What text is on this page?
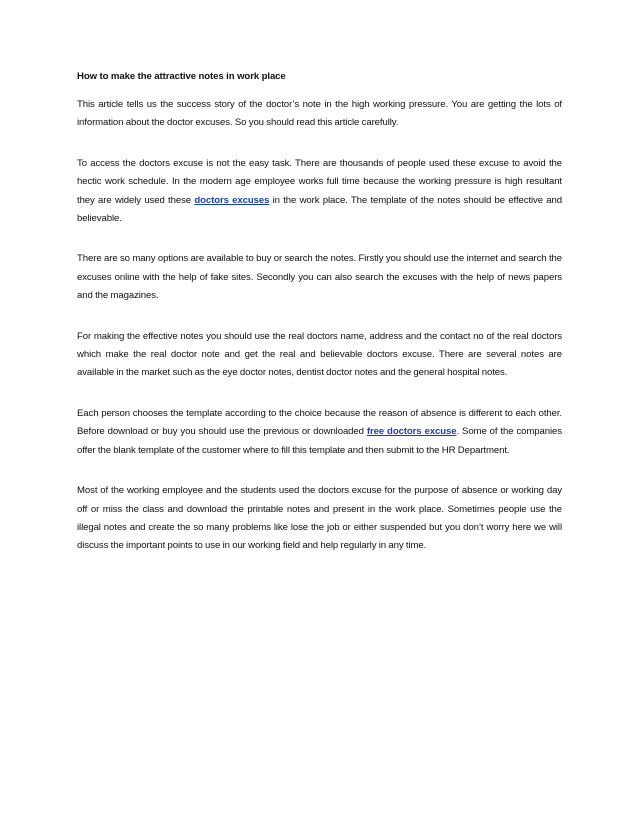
How to make the attractive notes in work place

This article tells us the success story of the doctor’s note in the high working pressure. You are getting the lots of information about the doctor excuses. So you should read this article carefully.

To access the doctors excuse is not the easy task. There are thousands of people used these excuse to avoid the hectic work schedule. In the modern age employee works full time because the working pressure is high resultant they are widely used these doctors excuses in the work place. The template of the notes should be effective and believable.

There are so many options are available to buy or search the notes. Firstly you should use the internet and search the excuses online with the help of fake sites. Secondly you can also search the excuses with the help of news papers and the magazines.

For making the effective notes you should use the real doctors name, address and the contact no of the real doctors which make the real doctor note and get the real and believable doctors excuse. There are several notes are available in the market such as the eye doctor notes, dentist doctor notes and the general hospital notes.

Each person chooses the template according to the choice because the reason of absence is different to each other. Before download or buy you should use the previous or downloaded free doctors excuse. Some of the companies offer the blank template of the customer where to fill this template and then submit to the HR Department.

Most of the working employee and the students used the doctors excuse for the purpose of absence or working day off or miss the class and download the printable notes and present in the work place. Sometimes people use the illegal notes and create the so many problems like lose the job or either suspended but you don’t worry here we will discuss the important points to use in our working field and help regularly in any time.
